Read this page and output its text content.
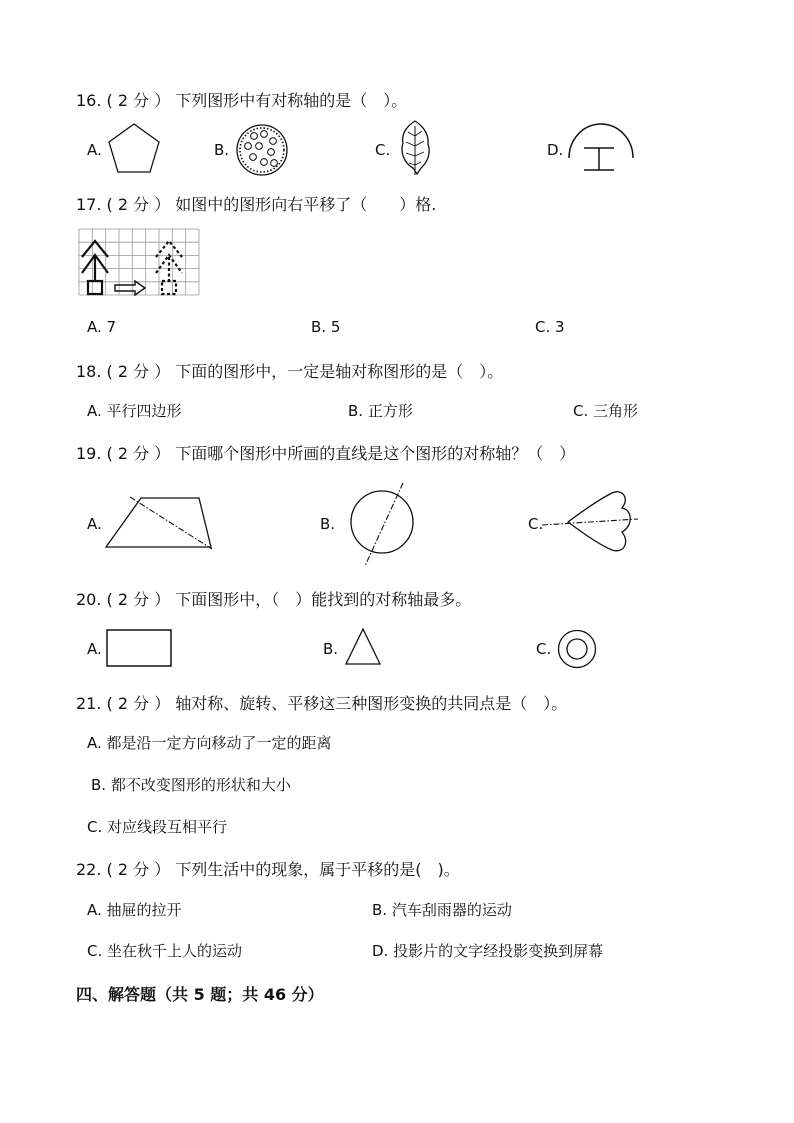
16. ( 2 分 ） 下列图形中有对称轴的是（　）。
A.	B.	C.	D.
17. ( 2 分 ） 如图中的图形向右平移了（　　）格.
A. 7	B. 5	C. 3
18. ( 2 分 ） 下面的图形中，一定是轴对称图形的是（　）。
A. 平行四边形	B. 正方形	C. 三角形
19. ( 2 分 ） 下面哪个图形中所画的直线是这个图形的对称轴？（　）
A.	B.	C.
20. ( 2 分 ） 下面图形中，（　）能找到的对称轴最多。
A.	B.	C.
21. ( 2 分 ） 轴对称、旋转、平移这三种图形变换的共同点是（　）。
A. 都是沿一定方向移动了一定的距离
B. 都不改变图形的形状和大小
C. 对应线段互相平行
22. ( 2 分 ） 下列生活中的现象，属于平移的是(　)。
A. 抽屉的拉开	B. 汽车刮雨器的运动
C. 坐在秋千上人的运动	D. 投影片的文字经投影变换到屏幕
四、解答题（共 5 题；共 46 分）
